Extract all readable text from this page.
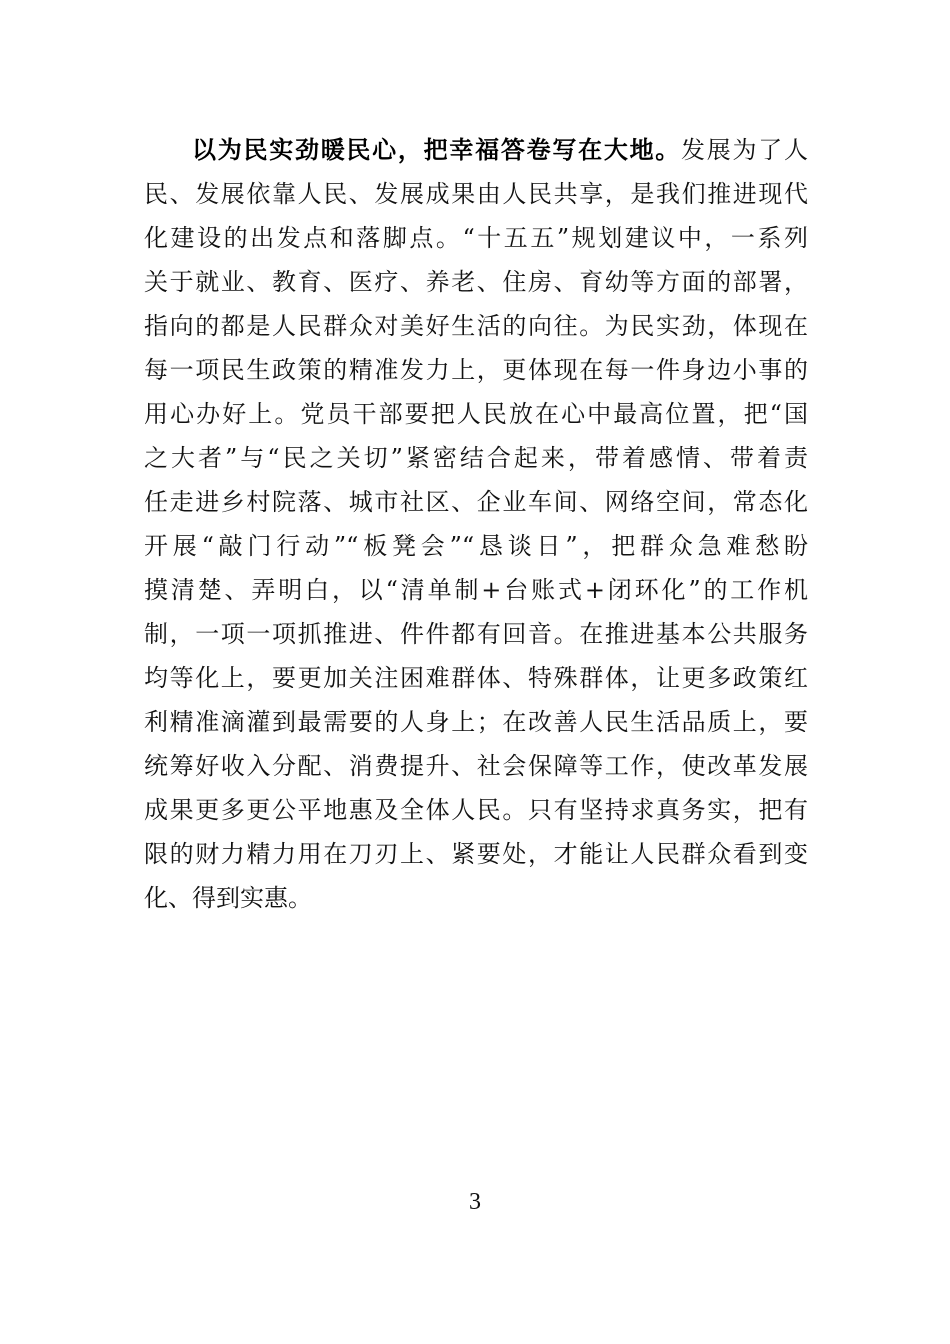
以为民实劲暖民心，把幸福答卷写在大地。发展为了人
民、发展依靠人民、发展成果由人民共享，是我们推进现代
化建设的出发点和落脚点。“十五五”规划建议中，一系列
关于就业、教育、医疗、养老、住房、育幼等方面的部署，
指向的都是人民群众对美好生活的向往。为民实劲，体现在
每一项民生政策的精准发力上，更体现在每一件身边小事的
用心办好上。党员干部要把人民放在心中最高位置，把“国
之大者”与“民之关切”紧密结合起来，带着感情、带着责
任走进乡村院落、城市社区、企业车间、网络空间，常态化
开展“敲门行动”“板凳会”“恳谈日”，把群众急难愁盼
摸清楚、弄明白，以“清单制+台账式+闭环化”的工作机
制，一项一项抓推进、件件都有回音。在推进基本公共服务
均等化上，要更加关注困难群体、特殊群体，让更多政策红
利精准滴灌到最需要的人身上；在改善人民生活品质上，要
统筹好收入分配、消费提升、社会保障等工作，使改革发展
成果更多更公平地惠及全体人民。只有坚持求真务实，把有
限的财力精力用在刀刃上、紧要处，才能让人民群众看到变
化、得到实惠。
3
